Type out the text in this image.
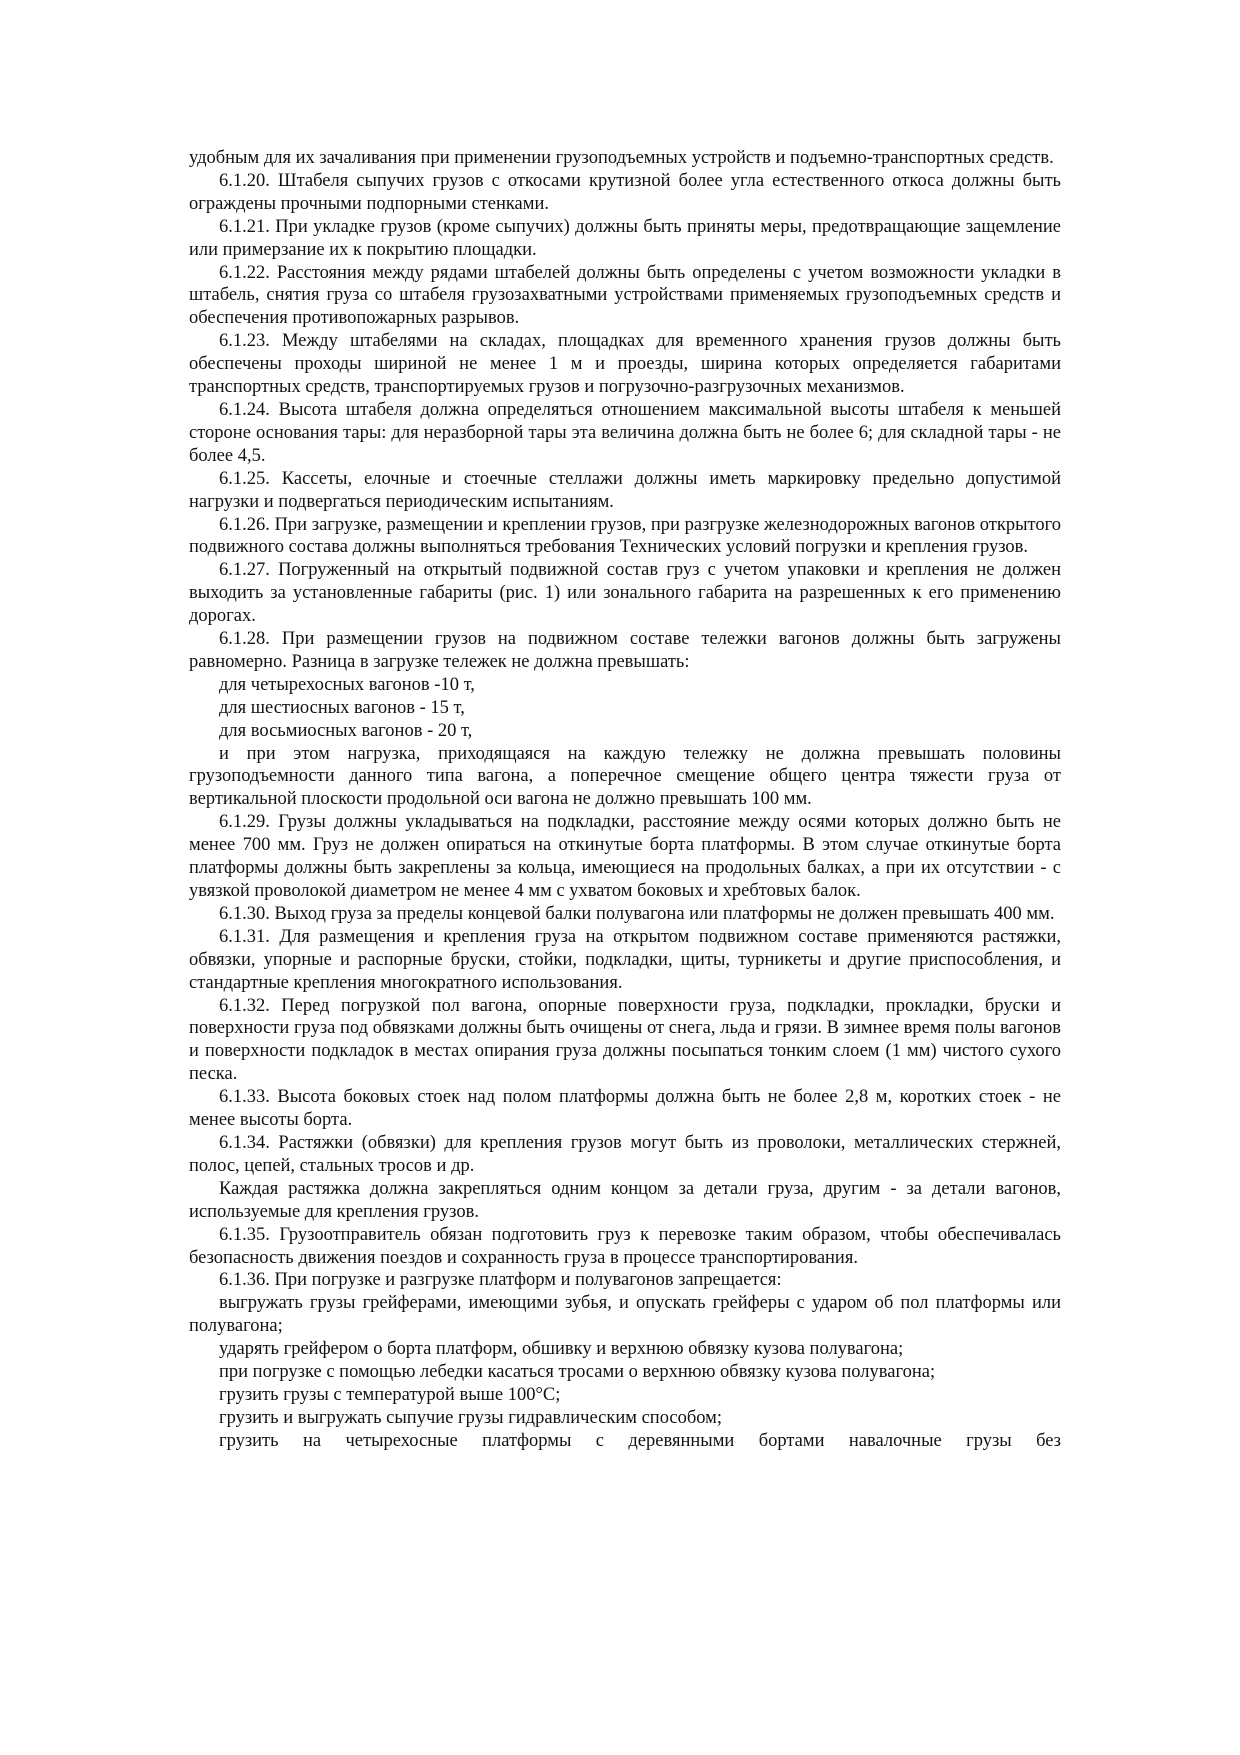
удобным для их зачаливания при применении грузоподъемных устройств и подъемно-транспортных средств.

6.1.20. Штабеля сыпучих грузов с откосами крутизной более угла естественного откоса должны быть ограждены прочными подпорными стенками.

6.1.21. При укладке грузов (кроме сыпучих) должны быть приняты меры, предотвращающие защемление или примерзание их к покрытию площадки.

6.1.22. Расстояния между рядами штабелей должны быть определены с учетом возможности укладки в штабель, снятия груза со штабеля грузозахватными устройствами применяемых грузоподъемных средств и обеспечения противопожарных разрывов.

6.1.23. Между штабелями на складах, площадках для временного хранения грузов должны быть обеспечены проходы шириной не менее 1 м и проезды, ширина которых определяется габаритами транспортных средств, транспортируемых грузов и погрузочно-разгрузочных механизмов.

6.1.24. Высота штабеля должна определяться отношением максимальной высоты штабеля к меньшей стороне основания тары: для неразборной тары эта величина должна быть не более 6; для складной тары - не более 4,5.

6.1.25. Кассеты, елочные и стоечные стеллажи должны иметь маркировку предельно допустимой нагрузки и подвергаться периодическим испытаниям.

6.1.26. При загрузке, размещении и креплении грузов, при разгрузке железнодорожных вагонов открытого подвижного состава должны выполняться требования Технических условий погрузки и крепления грузов.

6.1.27. Погруженный на открытый подвижной состав груз с учетом упаковки и крепления не должен выходить за установленные габариты (рис. 1) или зонального габарита на разрешенных к его применению дорогах.

6.1.28. При размещении грузов на подвижном составе тележки вагонов должны быть загружены равномерно. Разница в загрузке тележек не должна превышать:

для четырехосных вагонов -10 т,

для шестиосных вагонов - 15 т,

для восьмиосных вагонов - 20 т,

и при этом нагрузка, приходящаяся на каждую тележку не должна превышать половины грузоподъемности данного типа вагона, а поперечное смещение общего центра тяжести груза от вертикальной плоскости продольной оси вагона не должно превышать 100 мм.

6.1.29. Грузы должны укладываться на подкладки, расстояние между осями которых должно быть не менее 700 мм. Груз не должен опираться на откинутые борта платформы. В этом случае откинутые борта платформы должны быть закреплены за кольца, имеющиеся на продольных балках, а при их отсутствии - с увязкой проволокой диаметром не менее 4 мм с ухватом боковых и хребтовых балок.

6.1.30. Выход груза за пределы концевой балки полувагона или платформы не должен превышать 400 мм.

6.1.31. Для размещения и крепления груза на открытом подвижном составе применяются растяжки, обвязки, упорные и распорные бруски, стойки, подкладки, щиты, турникеты и другие приспособления, и стандартные крепления многократного использования.

6.1.32. Перед погрузкой пол вагона, опорные поверхности груза, подкладки, прокладки, бруски и поверхности груза под обвязками должны быть очищены от снега, льда и грязи. В зимнее время полы вагонов и поверхности подкладок в местах опирания груза должны посыпаться тонким слоем (1 мм) чистого сухого песка.

6.1.33. Высота боковых стоек над полом платформы должна быть не более 2,8 м, коротких стоек - не менее высоты борта.

6.1.34. Растяжки (обвязки) для крепления грузов могут быть из проволоки, металлических стержней, полос, цепей, стальных тросов и др.

Каждая растяжка должна закрепляться одним концом за детали груза, другим - за детали вагонов, используемые для крепления грузов.

6.1.35. Грузоотправитель обязан подготовить груз к перевозке таким образом, чтобы обеспечивалась безопасность движения поездов и сохранность груза в процессе транспортирования.

6.1.36. При погрузке и разгрузке платформ и полувагонов запрещается:

выгружать грузы грейферами, имеющими зубья, и опускать грейферы с ударом об пол платформы или полувагона;

ударять грейфером о борта платформ, обшивку и верхнюю обвязку кузова полувагона;

при погрузке с помощью лебедки касаться тросами о верхнюю обвязку кузова полувагона;

грузить грузы с температурой выше 100°С;

грузить и выгружать сыпучие грузы гидравлическим способом;

грузить на четырехосные платформы с деревянными бортами навалочные грузы без
